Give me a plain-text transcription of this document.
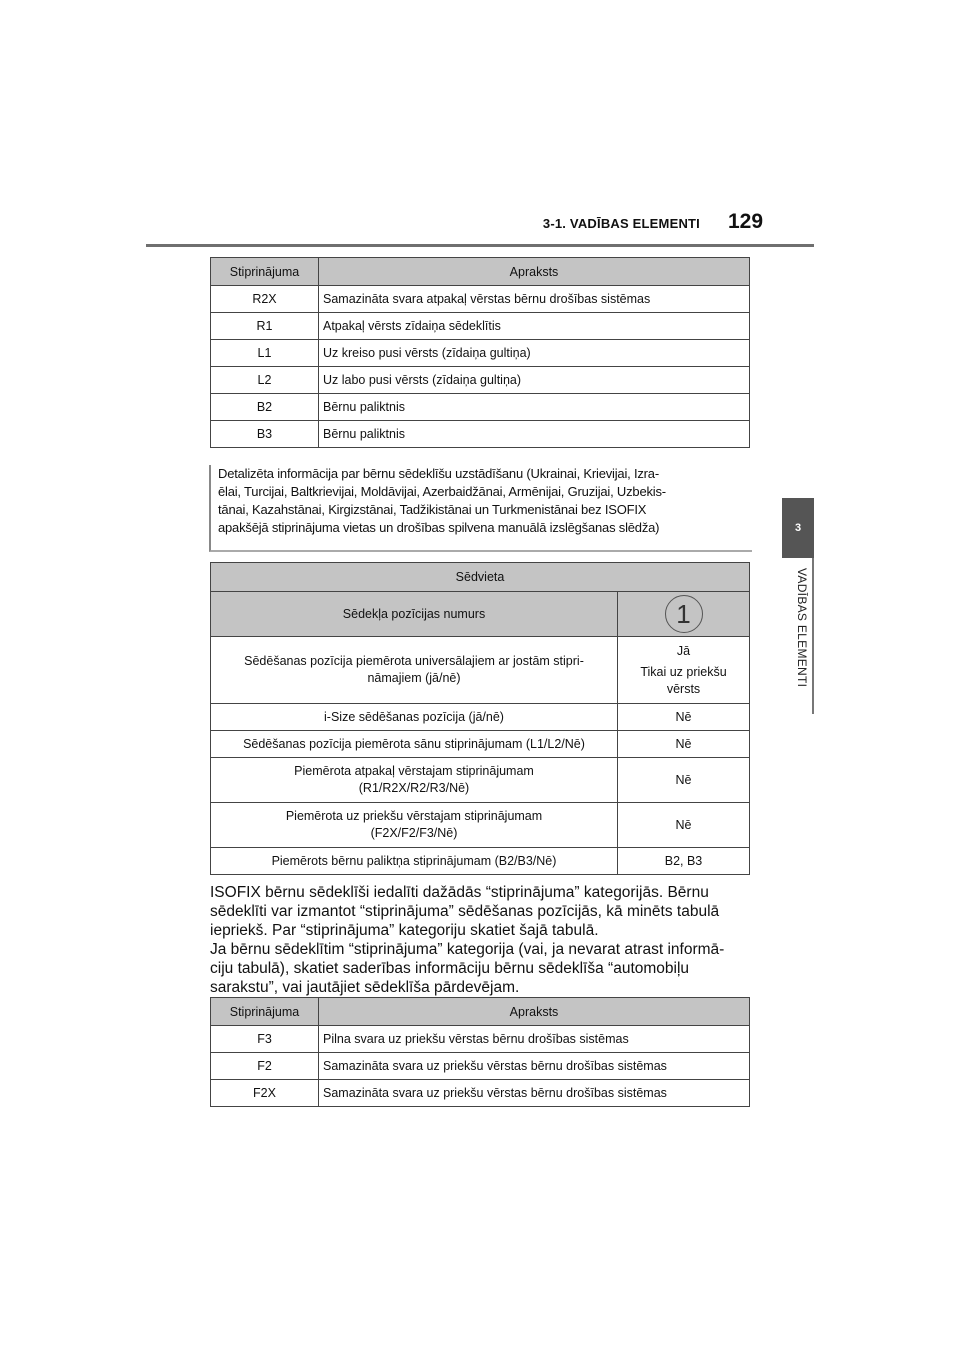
3-1. VADĪBAS ELEMENTI 129
3
VADĪBAS ELEMENTI
Stiprinājuma	Apraksts
R2X	Samazināta svara atpakaļ vērstas bērnu drošības sistēmas
R1	Atpakaļ vērsts zīdaiņa sēdeklītis
L1	Uz kreiso pusi vērsts (zīdaiņa gultiņa)
L2	Uz labo pusi vērsts (zīdaiņa gultiņa)
B2	Bērnu paliktnis
B3	Bērnu paliktnis
Detalizēta informācija par bērnu sēdeklīšu uzstādīšanu (Ukrainai, Krievijai, Izra-
ēlai, Turcijai, Baltkrievijai, Moldāvijai, Azerbaidžānai, Armēnijai, Gruzijai, Uzbekis-
tānai, Kazahstānai, Kirgizstānai, Tadžikistānai un Turkmenistānai bez ISOFIX
apakšējā stiprinājuma vietas un drošības spilvena manuālā izslēgšanas slēdža)
Sēdvieta	
Sēdekļa pozīcijas numurs	1

Sēdēšanas pozīcija piemērota universālajiem ar jostām stipri-
nāmajiem (jā/nē)	Jā
Tikai uz priekšu
vērsts

i-Size sēdēšanas pozīcija (jā/nē)	Nē

Sēdēšanas pozīcija piemērota sānu stiprinājumam (L1/L2/Nē)	Nē

Piemērota atpakaļ vērstajam stiprinājumam
(R1/R2X/R2/R3/Nē)	Nē

Piemērota uz priekšu vērstajam stiprinājumam
(F2X/F2/F3/Nē)	Nē

Piemērots bērnu paliktņa stiprinājumam (B2/B3/Nē)	B2, B3
ISOFIX bērnu sēdeklīši iedalīti dažādās “stiprinājuma” kategorijās. Bērnu
sēdeklīti var izmantot “stiprinājuma” sēdēšanas pozīcijās, kā minēts tabulā
iepriekš. Par “stiprinājuma” kategoriju skatiet šajā tabulā.
Ja bērnu sēdeklītim “stiprinājuma” kategorija (vai, ja nevarat atrast informā-
ciju tabulā), skatiet saderības informāciju bērnu sēdeklīša “automobiļu
sarakstu”, vai jautājiet sēdeklīša pārdevējam.
Stiprinājuma	Apraksts
F3	Pilna svara uz priekšu vērstas bērnu drošības sistēmas
F2	Samazināta svara uz priekšu vērstas bērnu drošības sistēmas
F2X	Samazināta svara uz priekšu vērstas bērnu drošības sistēmas
